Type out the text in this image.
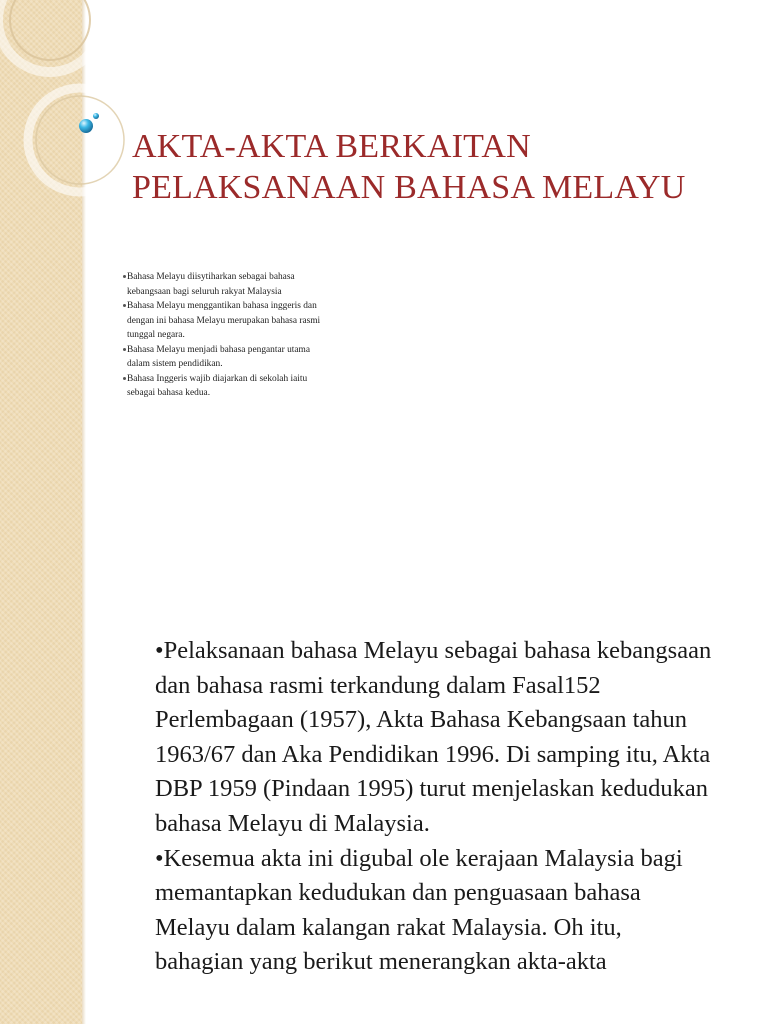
AKTA-AKTA BERKAITAN
PELAKSANAAN BAHASA MELAYU
Bahasa Melayu diisytiharkan sebagai bahasa
kebangsaan bagi seluruh rakyat Malaysia
Bahasa Melayu menggantikan bahasa inggeris dan
dengan ini bahasa Melayu merupakan bahasa rasmi
tunggal negara.
Bahasa Melayu menjadi bahasa pengantar utama
dalam sistem pendidikan.
Bahasa Inggeris wajib diajarkan di sekolah iaitu
sebagai bahasa kedua.

•Pelaksanaan bahasa Melayu sebagai bahasa kebangsaan dan bahasa rasmi terkandung dalam Fasal152 Perlembagaan (1957), Akta Bahasa Kebangsaan tahun 1963/67 dan Aka Pendidikan 1996. Di samping itu, Akta DBP 1959 (Pindaan 1995) turut menjelaskan kedudukan bahasa Melayu di Malaysia.

•Kesemua akta ini digubal ole kerajaan Malaysia bagi memantapkan kedudukan dan penguasaan bahasa Melayu dalam kalangan rakat Malaysia. Oh itu, bahagian yang berikut menerangkan akta-akta
